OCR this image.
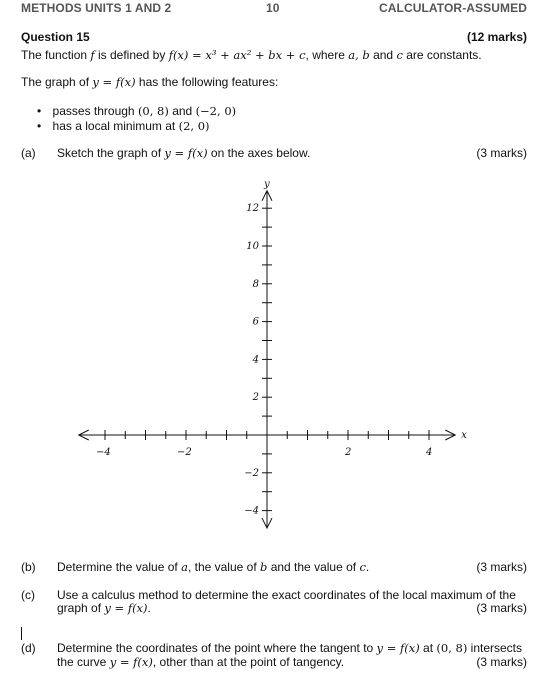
METHODS UNITS 1 AND 2	10	CALCULATOR-ASSUMED
Question 15	(12 marks)
The function f is defined by f(x) = x³ + ax² + bx + c, where a, b and c are constants.
The graph of y = f(x) has the following features:
• passes through (0, 8) and (−2, 0)
• has a local minimum at (2, 0)
(a) Sketch the graph of y = f(x) on the axes below.	(3 marks)
x
y
−4	−2	2	4
12
10
8
6
4
2
−2
−4
(b) Determine the value of a, the value of b and the value of c.	(3 marks)
(c) Use a calculus method to determine the exact coordinates of the local maximum of the
graph of y = f(x).	(3 marks)
(d) Determine the coordinates of the point where the tangent to y = f(x) at (0, 8) intersects
the curve y = f(x), other than at the point of tangency.	(3 marks)
